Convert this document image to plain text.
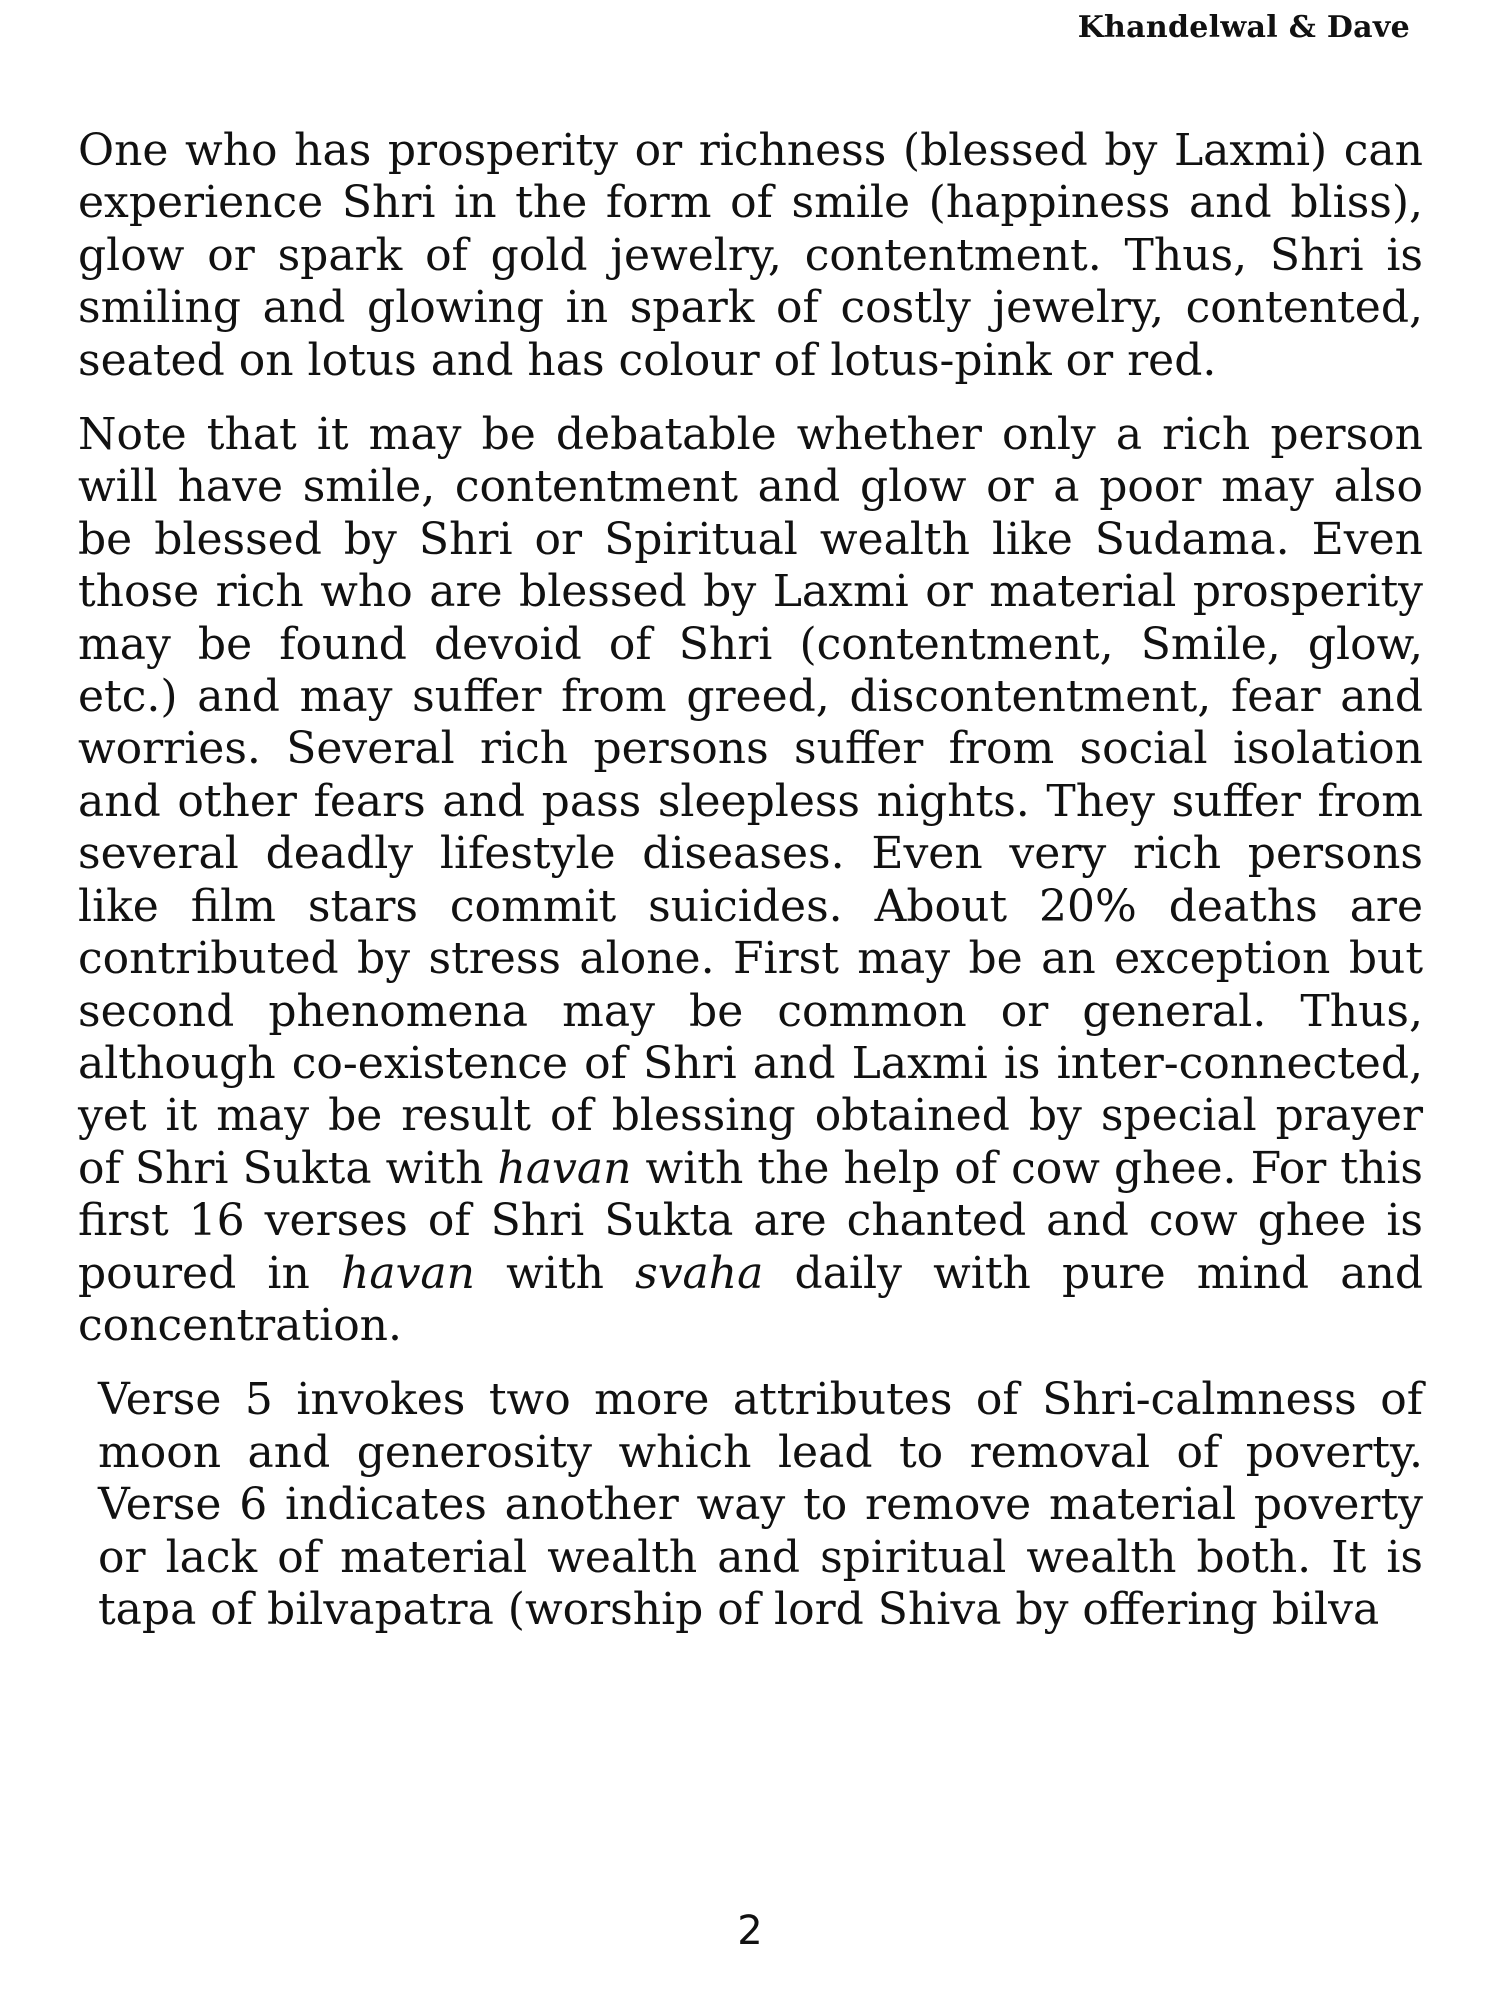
Khandelwal & Dave

One who has prosperity or richness (blessed by Laxmi) can experience Shri in the form of smile (happiness and bliss), glow or spark of gold jewelry, contentment. Thus, Shri is smiling and glowing in spark of costly jewelry, contented, seated on lotus and has colour of lotus-pink or red.

Note that it may be debatable whether only a rich person will have smile, contentment and glow or a poor may also be blessed by Shri or Spiritual wealth like Sudama. Even those rich who are blessed by Laxmi or material prosperity may be found devoid of Shri (contentment, Smile, glow, etc.) and may suffer from greed, discontentment, fear and worries. Several rich persons suffer from social isolation and other fears and pass sleepless nights. They suffer from several deadly lifestyle diseases. Even very rich persons like film stars commit suicides. About 20% deaths are contributed by stress alone. First may be an exception but second phenomena may be common or general. Thus, although co-existence of Shri and Laxmi is inter-connected, yet it may be result of blessing obtained by special prayer of Shri Sukta with havan with the help of cow ghee. For this first 16 verses of Shri Sukta are chanted and cow ghee is poured in havan with svaha daily with pure mind and concentration.

Verse 5 invokes two more attributes of Shri-calmness of moon and generosity which lead to removal of poverty. Verse 6 indicates another way to remove material poverty or lack of material wealth and spiritual wealth both. It is tapa of bilvapatra (worship of lord Shiva by offering bilva

2
